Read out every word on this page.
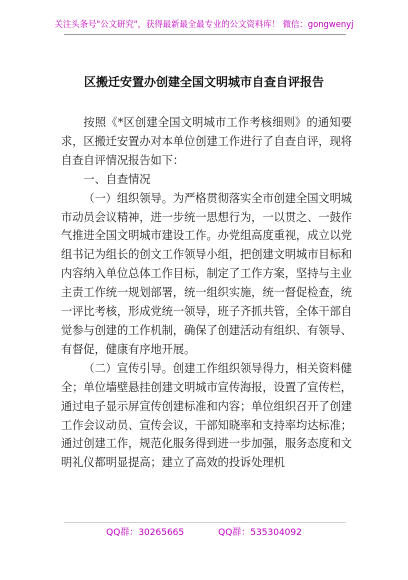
关注头条号"公文研究"，获得最新最全最专业的公文资料库！ 微信：gongwenyj
区搬迁安置办创建全国文明城市自查自评报告

按照《*区创建全国文明城市工作考核细则》的通知要求，区搬迁安置办对本单位创建工作进行了自查自评，现将自查自评情况报告如下：

一、自查情况

（一）组织领导。为严格贯彻落实全市创建全国文明城市动员会议精神，进一步统一思想行为，一以贯之、一鼓作气推进全国文明城市建设工作。办党组高度重视，成立以党组书记为组长的创文工作领导小组，把创建文明城市目标和内容纳入单位总体工作目标，制定了工作方案，坚持与主业主责工作统一规划部署，统一组织实施，统一督促检查，统一评比考核，形成党统一领导，班子齐抓共管，全体干部自觉参与创建的工作机制，确保了创建活动有组织、有领导、有督促，健康有序地开展。

（二）宣传引导。创建工作组织领导得力，相关资料健全；单位墙壁悬挂创建文明城市宣传海报，设置了宣传栏，通过电子显示屏宣传创建标准和内容；单位组织召开了创建工作会议动员、宣传会议，干部知晓率和支持率均达标准；通过创建工作，规范化服务得到进一步加强，服务态度和文明礼仪都明显提高；建立了高效的投诉处理机

QQ群：30265665	QQ群：535304092
